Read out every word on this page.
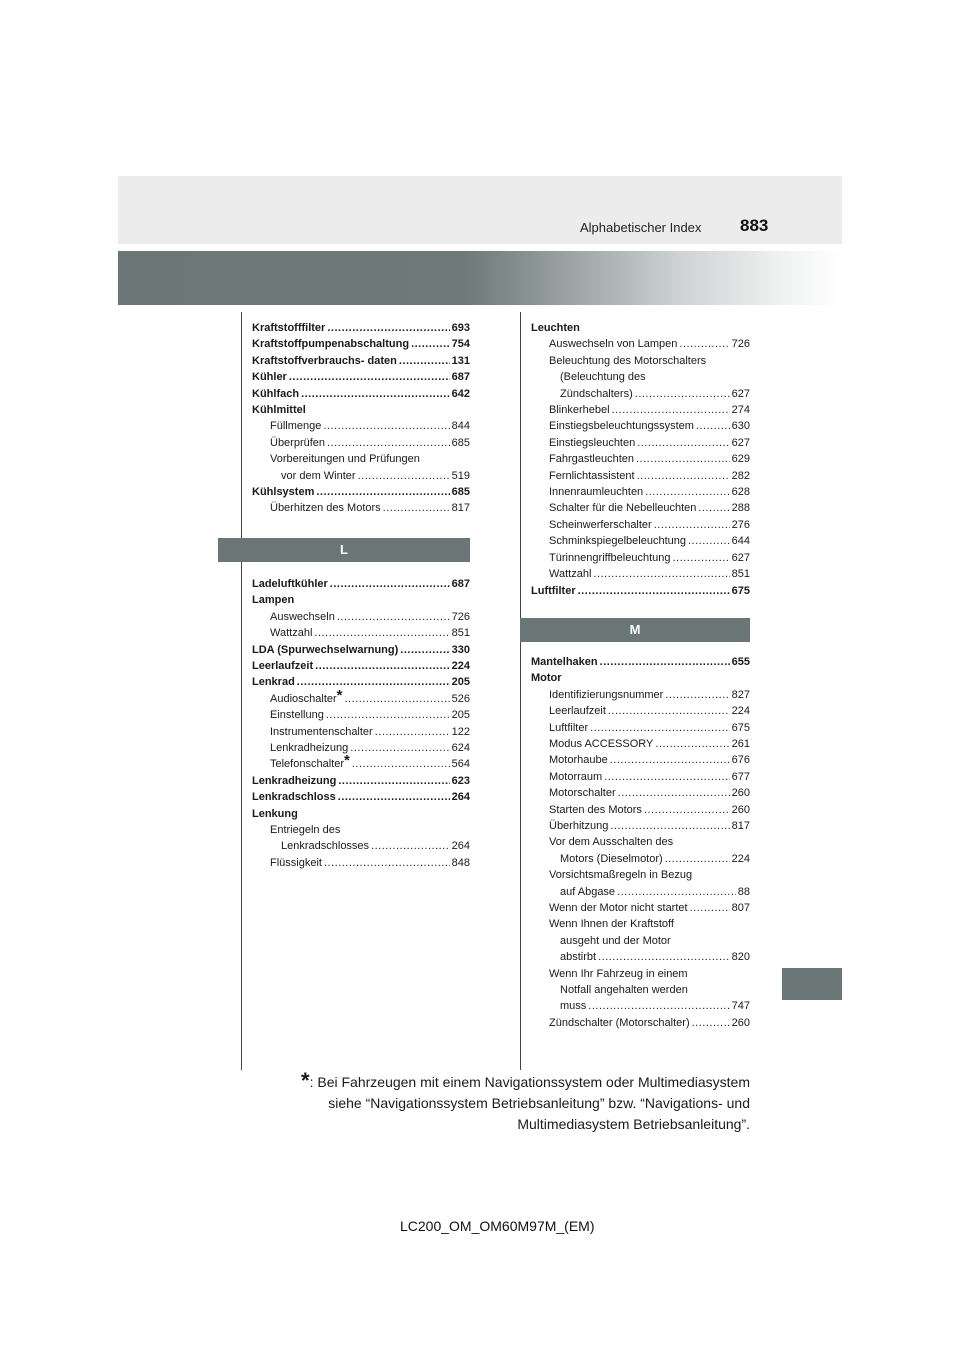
Alphabetischer Index 883
Kraftstofffilter .....	693
Kraftstoffpumpenabschaltung .....	754
Kraftstoffverbrauchs- daten .....	131
Kühler .....	687
Kühlfach .....	642
Kühlmittel
Füllmenge .....	844
Überprüfen .....	685
Vorbereitungen und Prüfungen
vor dem Winter .....	519
Kühlsystem .....	685
Überhitzen des Motors .....	817
L
Ladeluftkühler .....	687
Lampen
Auswechseln .....	726
Wattzahl .....	851
LDA (Spurwechselwarnung) .....	330
Leerlaufzeit .....	224
Lenkrad .....	205
Audioschalter* .....	526
Einstellung .....	205
Instrumentenschalter .....	122
Lenkradheizung .....	624
Telefonschalter* .....	564
Lenkradheizung .....	623
Lenkradschloss .....	264
Lenkung
Entriegeln des
Lenkradschlosses .....	264
Flüssigkeit .....	848
Leuchten
Auswechseln von Lampen .....	726
Beleuchtung des Motorschalters
(Beleuchtung des
Zündschalters) .....	627
Blinkerhebel .....	274
Einstiegsbeleuchtungssystem .....	630
Einstiegsleuchten .....	627
Fahrgastleuchten .....	629
Fernlichtassistent .....	282
Innenraumleuchten .....	628
Schalter für die Nebelleuchten .....	288
Scheinwerferschalter .....	276
Schminkspiegelbeleuchtung .....	644
Türinnengriffbeleuchtung .....	627
Wattzahl .....	851
Luftfilter .....	675
M
Mantelhaken .....	655
Motor
Identifizierungsnummer .....	827
Leerlaufzeit .....	224
Luftfilter .....	675
Modus ACCESSORY .....	261
Motorhaube .....	676
Motorraum .....	677
Motorschalter .....	260
Starten des Motors .....	260
Überhitzung .....	817
Vor dem Ausschalten des
Motors (Dieselmotor) .....	224
Vorsichtsmaßregeln in Bezug
auf Abgase .....	88
Wenn der Motor nicht startet .....	807
Wenn Ihnen der Kraftstoff
ausgeht und der Motor
abstirbt .....	820
Wenn Ihr Fahrzeug in einem
Notfall angehalten werden
muss .....	747
Zündschalter (Motorschalter) .....	260
*: Bei Fahrzeugen mit einem Navigationssystem oder Multimediasystem
siehe “Navigationssystem Betriebsanleitung” bzw. “Navigations- und
Multimediasystem Betriebsanleitung”.
LC200_OM_OM60M97M_(EM)
